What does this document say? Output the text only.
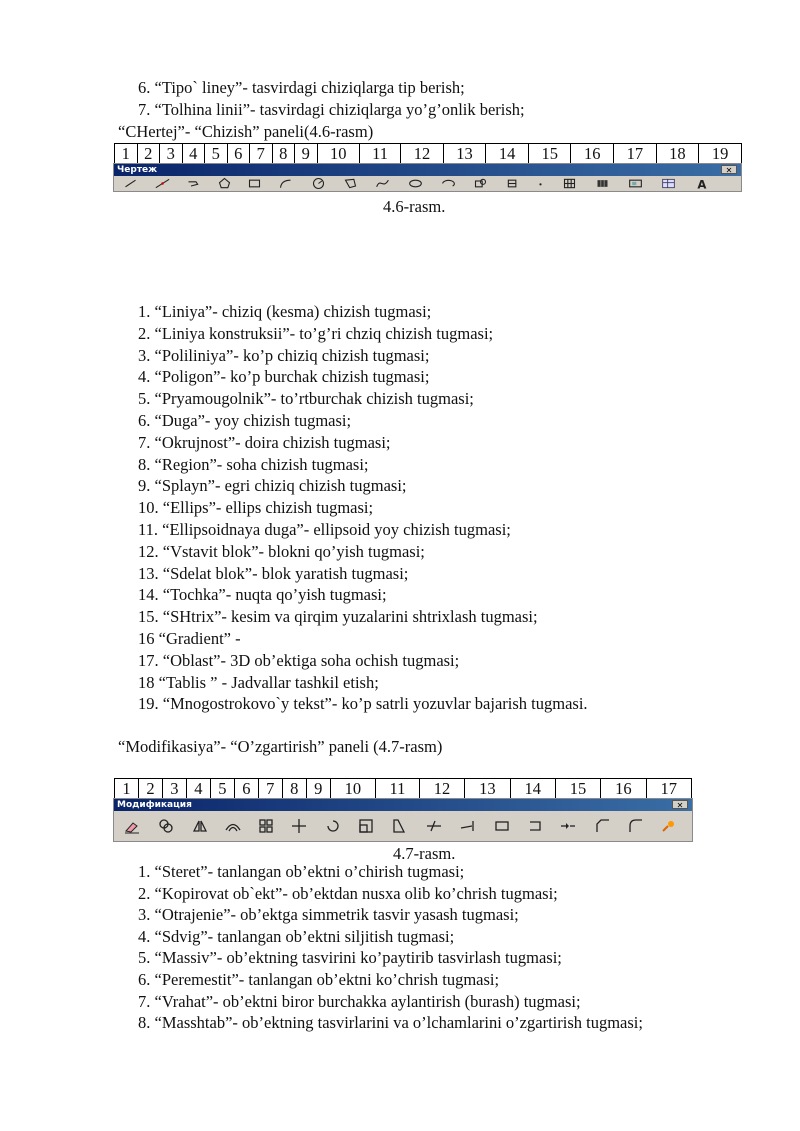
6. “Tipo` liney”- tasvirdagi chiziqlarga tip berish;
7. “Tolhina linii”- tasvirdagi chiziqlarga yo’g’onlik berish;
“CHertej”- “Chizish” paneli(4.6-rasm)
1	2	3	4	5	6	7	8	9	10	11	12	13	14	15	16	17	18	19
Чертеж	✕
A
4.6-rasm.
1. “Liniya”- chiziq (kesma) chizish tugmasi;
2. “Liniya konstruksii”- to’g’ri chziq chizish tugmasi;
3. “Poliliniya”- ko’p chiziq chizish tugmasi;
4. “Poligon”- ko’p burchak chizish tugmasi;
5. “Pryamougolnik”- to’rtburchak chizish tugmasi;
6. “Duga”- yoy chizish tugmasi;
7. “Okrujnost”- doira chizish tugmasi;
8. “Region”- soha chizish tugmasi;
9. “Splayn”- egri chiziq chizish tugmasi;
10. “Ellips”- ellips chizish tugmasi;
11. “Ellipsoidnaya duga”- ellipsoid yoy chizish tugmasi;
12. “Vstavit blok”- blokni qo’yish tugmasi;
13. “Sdelat blok”- blok yaratish tugmasi;
14. “Tochka”- nuqta qo’yish tugmasi;
15. “SHtrix”- kesim va qirqim yuzalarini shtrixlash tugmasi;
16 “Gradient” -
17. “Oblast”- 3D ob’ektiga soha ochish tugmasi;
18 “Tablis ” - Jadvallar tashkil etish;
19. “Mnogostrokovo`y tekst”- ko’p satrli yozuvlar bajarish tugmasi.
“Modifikasiya”- “O’zgartirish” paneli (4.7-rasm)
1	2	3	4	5	6	7	8	9	10	11	12	13	14	15	16	17
Модификация	✕
4.7-rasm.
1. “Steret”- tanlangan ob’ektni o’chirish tugmasi;
2. “Kopirovat ob`ekt”- ob’ektdan nusxa olib ko’chrish tugmasi;
3. “Otrajenie”- ob’ektga simmetrik tasvir yasash tugmasi;
4. “Sdvig”- tanlangan ob’ektni siljitish tugmasi;
5. “Massiv”- ob’ektning tasvirini ko’paytirib tasvirlash tugmasi;
6. “Peremestit”- tanlangan ob’ektni ko’chrish tugmasi;
7. “Vrahat”- ob’ektni biror burchakka aylantirish (burash) tugmasi;
8. “Masshtab”- ob’ektning tasvirlarini va o’lchamlarini o’zgartirish tugmasi;
